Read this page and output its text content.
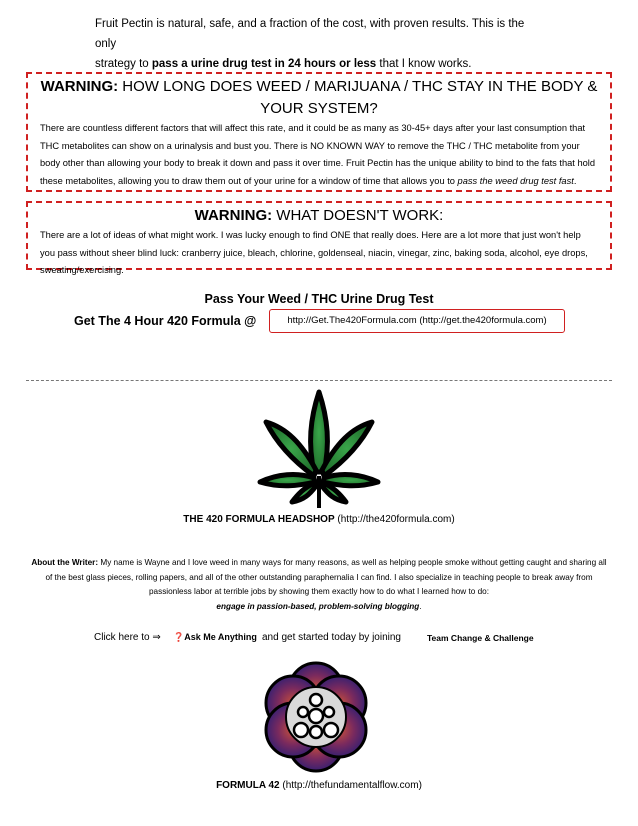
Fruit Pectin is natural, safe, and a fraction of the cost, with proven results. This is the only
strategy to pass a urine drug test in 24 hours or less that I know works.
WARNING: HOW LONG DOES WEED / MARIJUANA / THC STAY IN THE BODY & YOUR SYSTEM?
There are countless different factors that will affect this rate, and it could be as many as 30-45+ days after your last consumption that THC metabolites can show on a urinalysis and bust you. There is NO KNOWN WAY to remove the THC / THC metabolite from your body other than allowing your body to break it down and pass it over time. Fruit Pectin has the unique ability to bind to the fats that hold these metabolites, allowing you to draw them out of your urine for a window of time that allows you to pass the weed drug test fast.
WARNING: WHAT DOESN'T WORK:
There are a lot of ideas of what might work. I was lucky enough to find ONE that really does. Here are a lot more that just won't help you pass without sheer blind luck: cranberry juice, bleach, chlorine, goldenseal, niacin, vinegar, zinc, baking soda, alcohol, eye drops, sweating/exercising.
Pass Your Weed / THC Urine Drug Test
Get The 4 Hour 420 Formula @	http://Get.The420Formula.com (http://get.the420formula.com)
THE 420 FORMULA HEADSHOP (http://the420formula.com)
About the Writer: My name is Wayne and I love weed in many ways for many reasons, as well as helping people smoke without getting caught and sharing all of the best glass pieces, rolling papers, and all of the other outstanding paraphernalia I can find. I also specialize in teaching people to break away from passionless labor at terrible jobs by showing them exactly how to do what I learned how to do:
engage in passion-based, problem-solving blogging.
Click here to ⇒ ❓Ask Me Anything and get started today by joining	Team Change & Challenge
FORMULA 42 (http://thefundamentalflow.com)
